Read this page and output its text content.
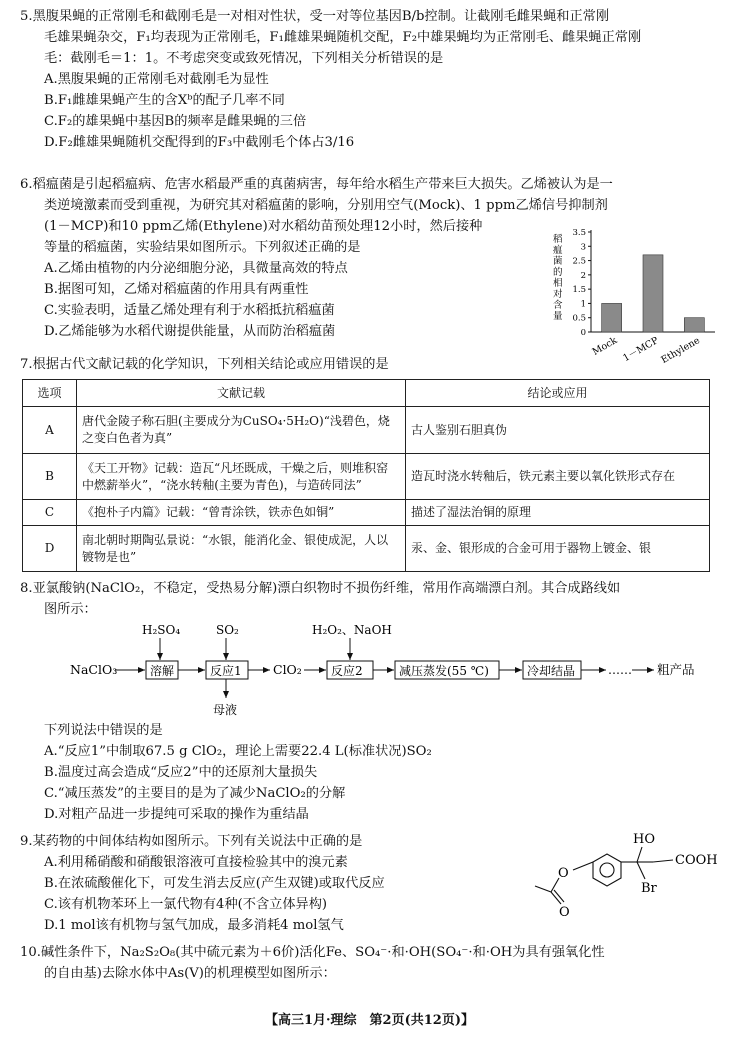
5.黑腹果蝇的正常刚毛和截刚毛是一对相对性状，受一对等位基因B/b控制。让截刚毛雌果蝇和正常刚
毛雄果蝇杂交，F₁均表现为正常刚毛，F₁雌雄果蝇随机交配，F₂中雄果蝇均为正常刚毛、雌果蝇正常刚
毛：截刚毛＝1：1。不考虑突变或致死情况，下列相关分析错误的是
A.黑腹果蝇的正常刚毛对截刚毛为显性
B.F₁雌雄果蝇产生的含Xᵇ的配子几率不同
C.F₂的雄果蝇中基因B的频率是雌果蝇的三倍
D.F₂雌雄果蝇随机交配得到的F₃中截刚毛个体占3/16
6.稻瘟菌是引起稻瘟病、危害水稻最严重的真菌病害，每年给水稻生产带来巨大损失。乙烯被认为是一
类逆境激素而受到重视，为研究其对稻瘟菌的影响，分别用空气(Mock)、1 ppm乙烯信号抑制剂
(1－MCP)和10 ppm乙烯(Ethylene)对水稻幼苗预处理12小时，然后接种
等量的稻瘟菌，实验结果如图所示。下列叙述正确的是
A.乙烯由植物的内分泌细胞分泌，具微量高效的特点
B.据图可知，乙烯对稻瘟菌的作用具有两重性
C.实验表明，适量乙烯处理有利于水稻抵抗稻瘟菌
D.乙烯能够为水稻代谢提供能量，从而防治稻瘟菌
稻
瘟
菌
的
相
对
含
量
0
0.5
1
1.5
2
2.5
3
3.5
Mock 1－MCP
Ethylene
7.根据古代文献记载的化学知识，下列相关结论或应用错误的是
选项	文献记载	结论或应用
A	唐代金陵子称石胆(主要成分为CuSO₄·5H₂O)“浅碧色，烧之变白色者为真”	古人鉴别石胆真伪
B	《天工开物》记载：造瓦“凡坯既成，干燥之后，则堆积窑中燃薪举火”，“浇水转釉(主要为青色)，与造砖同法”	造瓦时浇水转釉后，铁元素主要以氧化铁形式存在
C	《抱朴子内篇》记载：“曾青涂铁，铁赤色如铜”	描述了湿法治铜的原理
D	南北朝时期陶弘景说：“水银，能消化金、银使成泥，人以镀物是也”	汞、金、银形成的合金可用于器物上镀金、银
8.亚氯酸钠(NaClO₂，不稳定，受热易分解)漂白织物时不损伤纤维，常用作高端漂白剂。其合成路线如
图所示：
NaClO₃
H₂SO₄
溶解
SO₂
反应1
母液
ClO₂
H₂O₂、NaOH
反应2	减压蒸发(55 ℃)	冷却结晶	…… 粗产品
下列说法中错误的是
A.“反应1”中制取67.5 g ClO₂，理论上需要22.4 L(标准状况)SO₂
B.温度过高会造成“反应2”中的还原剂大量损失
C.“减压蒸发”的主要目的是为了减少NaClO₂的分解
D.对粗产品进一步提纯可采取的操作为重结晶
9.某药物的中间体结构如图所示。下列有关说法中正确的是
A.利用稀硝酸和硝酸银溶液可直接检验其中的溴元素
B.在浓硫酸催化下，可发生消去反应(产生双键)或取代反应
C.该有机物苯环上一氯代物有4种(不含立体异构)
D.1 mol该有机物与氢气加成，最多消耗4 mol氢气
HO
COOH
O
Br
O
10.碱性条件下，Na₂S₂O₈(其中硫元素为＋6价)活化Fe、SO₄⁻·和·OH(SO₄⁻·和·OH为具有强氧化性
的自由基)去除水体中As(Ⅴ)的机理模型如图所示：
【高三1月·理综　第2页(共12页)】
